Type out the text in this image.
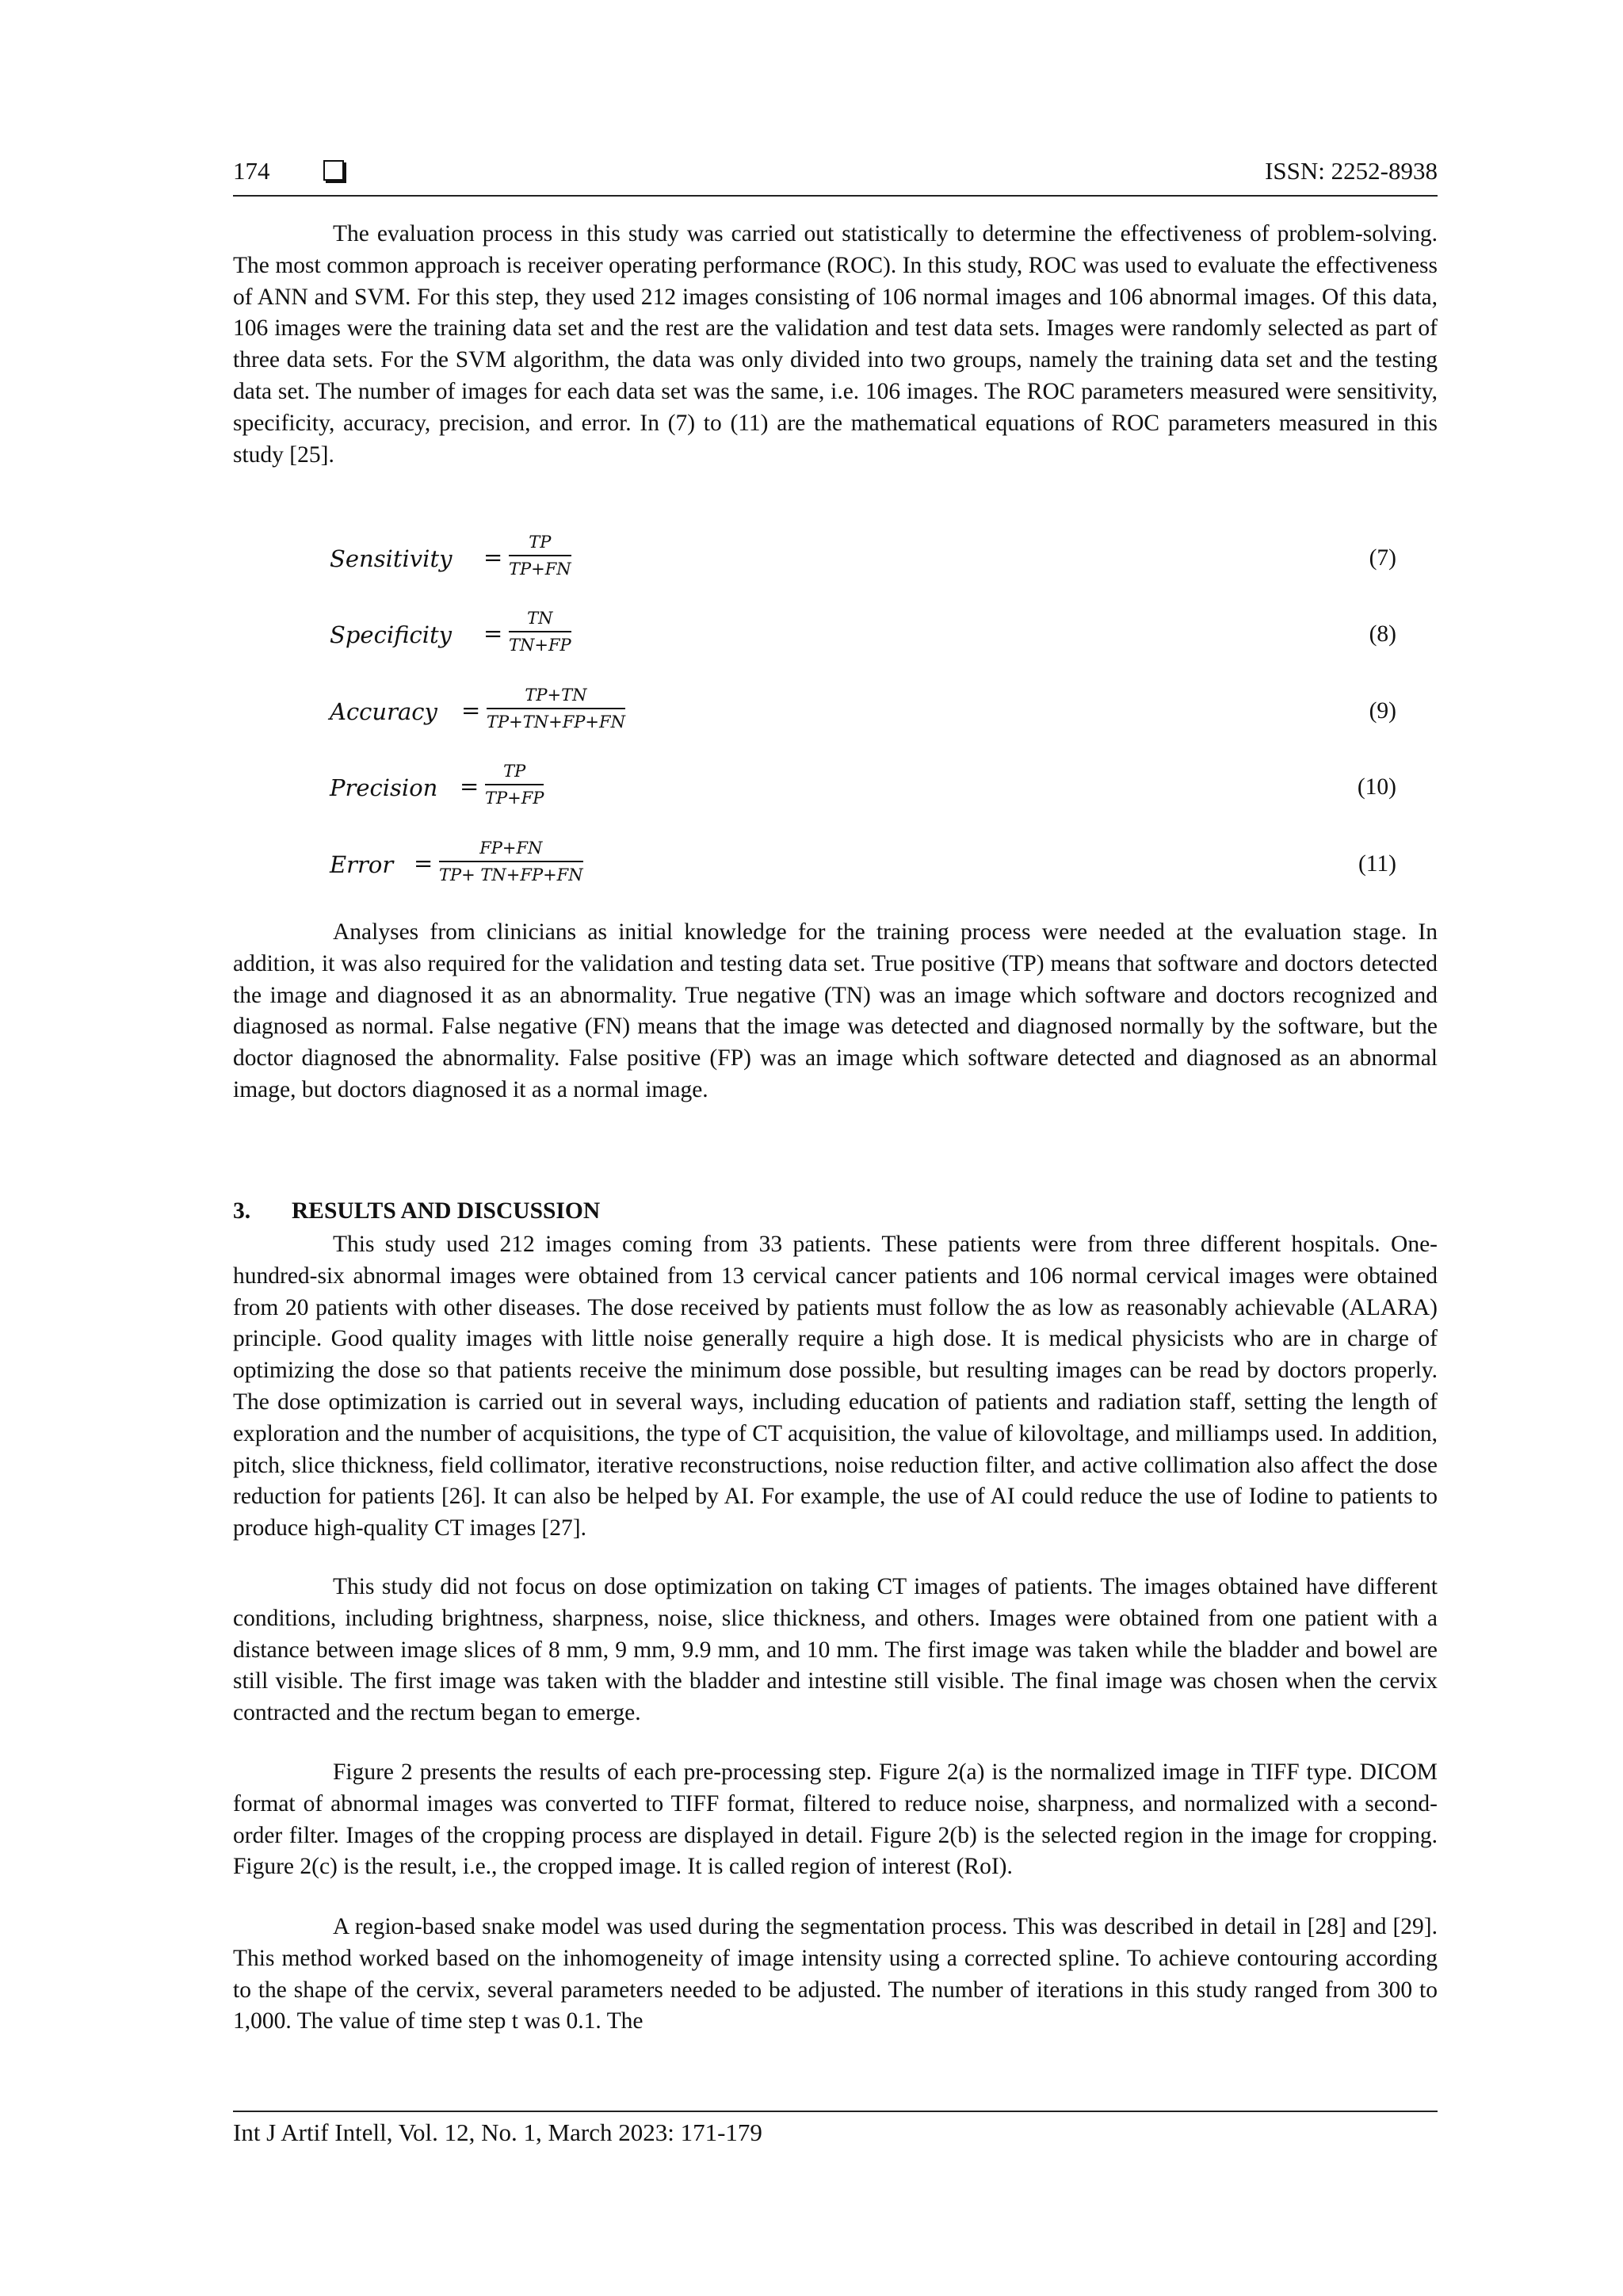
174	ISSN: 2252-8938

The evaluation process in this study was carried out statistically to determine the effectiveness of problem-solving. The most common approach is receiver operating performance (ROC). In this study, ROC was used to evaluate the effectiveness of ANN and SVM. For this step, they used 212 images consisting of 106 normal images and 106 abnormal images. Of this data, 106 images were the training data set and the rest are the validation and test data sets. Images were randomly selected as part of three data sets. For the SVM algorithm, the data was only divided into two groups, namely the training data set and the testing data set. The number of images for each data set was the same, i.e. 106 images. The ROC parameters measured were sensitivity, specificity, accuracy, precision, and error. In (7) to (11) are the mathematical equations of ROC parameters measured in this study [25].

Sensitivity = $\frac{TP}{TP+FN}$	(7)
Specificity = $\frac{TN}{TN+FP}$	(8)
Accuracy = $\frac{TP+TN}{TP+TN+FP+FN}$	(9)
Precision = $\frac{TP}{TP+FP}$	(10)
Error = $\frac{FP+FN}{TP+ TN+FP+FN}$	(11)

Analyses from clinicians as initial knowledge for the training process were needed at the evaluation stage. In addition, it was also required for the validation and testing data set. True positive (TP) means that software and doctors detected the image and diagnosed it as an abnormality. True negative (TN) was an image which software and doctors recognized and diagnosed as normal. False negative (FN) means that the image was detected and diagnosed normally by the software, but the doctor diagnosed the abnormality. False positive (FP) was an image which software detected and diagnosed as an abnormal image, but doctors diagnosed it as a normal image.

3. RESULTS AND DISCUSSION

This study used 212 images coming from 33 patients. These patients were from three different hospitals. One-hundred-six abnormal images were obtained from 13 cervical cancer patients and 106 normal cervical images were obtained from 20 patients with other diseases. The dose received by patients must follow the as low as reasonably achievable (ALARA) principle. Good quality images with little noise generally require a high dose. It is medical physicists who are in charge of optimizing the dose so that patients receive the minimum dose possible, but resulting images can be read by doctors properly. The dose optimization is carried out in several ways, including education of patients and radiation staff, setting the length of exploration and the number of acquisitions, the type of CT acquisition, the value of kilovoltage, and milliamps used. In addition, pitch, slice thickness, field collimator, iterative reconstructions, noise reduction filter, and active collimation also affect the dose reduction for patients [26]. It can also be helped by AI. For example, the use of AI could reduce the use of Iodine to patients to produce high-quality CT images [27].

This study did not focus on dose optimization on taking CT images of patients. The images obtained have different conditions, including brightness, sharpness, noise, slice thickness, and others. Images were obtained from one patient with a distance between image slices of 8 mm, 9 mm, 9.9 mm, and 10 mm. The first image was taken while the bladder and bowel are still visible. The first image was taken with the bladder and intestine still visible. The final image was chosen when the cervix contracted and the rectum began to emerge.

Figure 2 presents the results of each pre-processing step. Figure 2(a) is the normalized image in TIFF type. DICOM format of abnormal images was converted to TIFF format, filtered to reduce noise, sharpness, and normalized with a second-order filter. Images of the cropping process are displayed in detail. Figure 2(b) is the selected region in the image for cropping. Figure 2(c) is the result, i.e., the cropped image. It is called region of interest (RoI).

A region-based snake model was used during the segmentation process. This was described in detail in [28] and [29]. This method worked based on the inhomogeneity of image intensity using a corrected spline. To achieve contouring according to the shape of the cervix, several parameters needed to be adjusted. The number of iterations in this study ranged from 300 to 1,000. The value of time step t was 0.1. The

Int J Artif Intell, Vol. 12, No. 1, March 2023: 171-179
